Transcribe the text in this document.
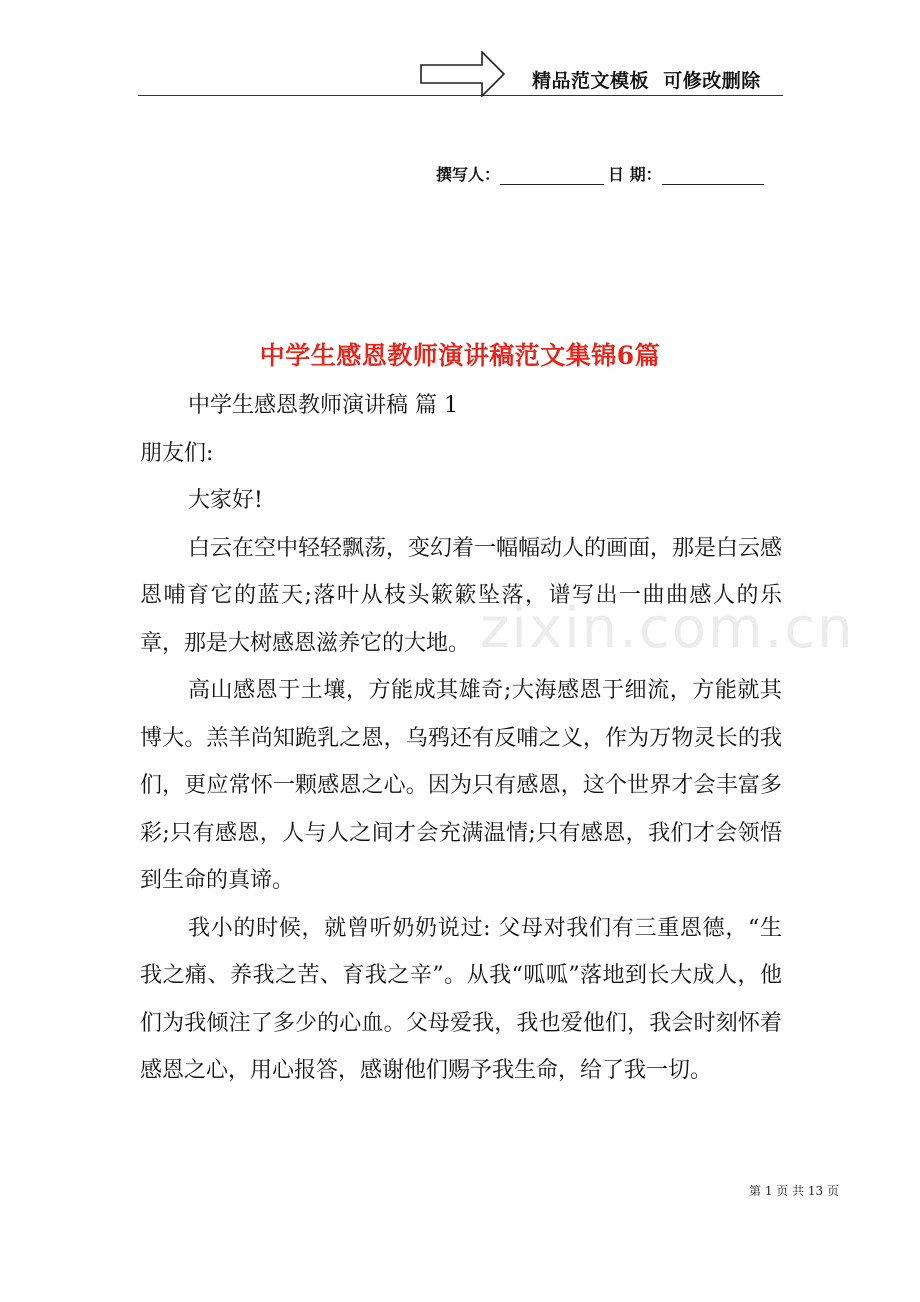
精品范文模板  可修改删除
撰写人：	日 期：
中学生感恩教师演讲稿范文集锦6篇
zixin.com.cn

中学生感恩教师演讲稿 篇 1

朋友们:

大家好!

白云在空中轻轻飘荡，变幻着一幅幅动人的画面，那是白云感恩哺育它的蓝天;落叶从枝头簌簌坠落，谱写出一曲曲感人的乐章，那是大树感恩滋养它的大地。

高山感恩于土壤，方能成其雄奇;大海感恩于细流，方能就其博大。羔羊尚知跪乳之恩，乌鸦还有反哺之义，作为万物灵长的我们，更应常怀一颗感恩之心。因为只有感恩，这个世界才会丰富多彩;只有感恩，人与人之间才会充满温情;只有感恩，我们才会领悟到生命的真谛。

我小的时候，就曾听奶奶说过: 父母对我们有三重恩德，“生我之痛、养我之苦、育我之辛”。从我“呱呱”落地到长大成人，他们为我倾注了多少的心血。父母爱我，我也爱他们，我会时刻怀着感恩之心，用心报答，感谢他们赐予我生命，给了我一切。

第 1 页 共 13 页
